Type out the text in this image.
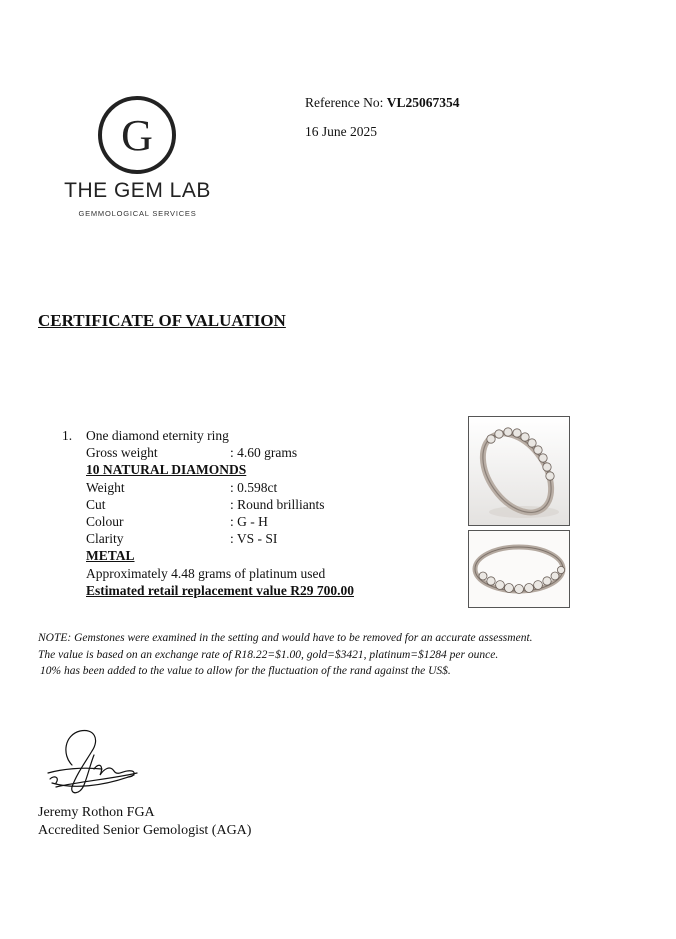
G
THE GEM LAB
GEMMOLOGICAL SERVICES
Reference No: VL25067354
16 June 2025
CERTIFICATE OF VALUATION
1. One diamond eternity ring
Gross weight	: 4.60 grams
10 NATURAL DIAMONDS
Weight	: 0.598ct
Cut	: Round brilliants
Colour	: G - H
Clarity	: VS - SI
METAL
Approximately 4.48 grams of platinum used
Estimated retail replacement value R29 700.00
NOTE: Gemstones were examined in the setting and would have to be removed for an accurate assessment.
The value is based on an exchange rate of R18.22=$1.00, gold=$3421, platinum=$1284 per ounce.
10% has been added to the value to allow for the fluctuation of the rand against the US$.
Jeremy Rothon FGA
Accredited Senior Gemologist (AGA)
